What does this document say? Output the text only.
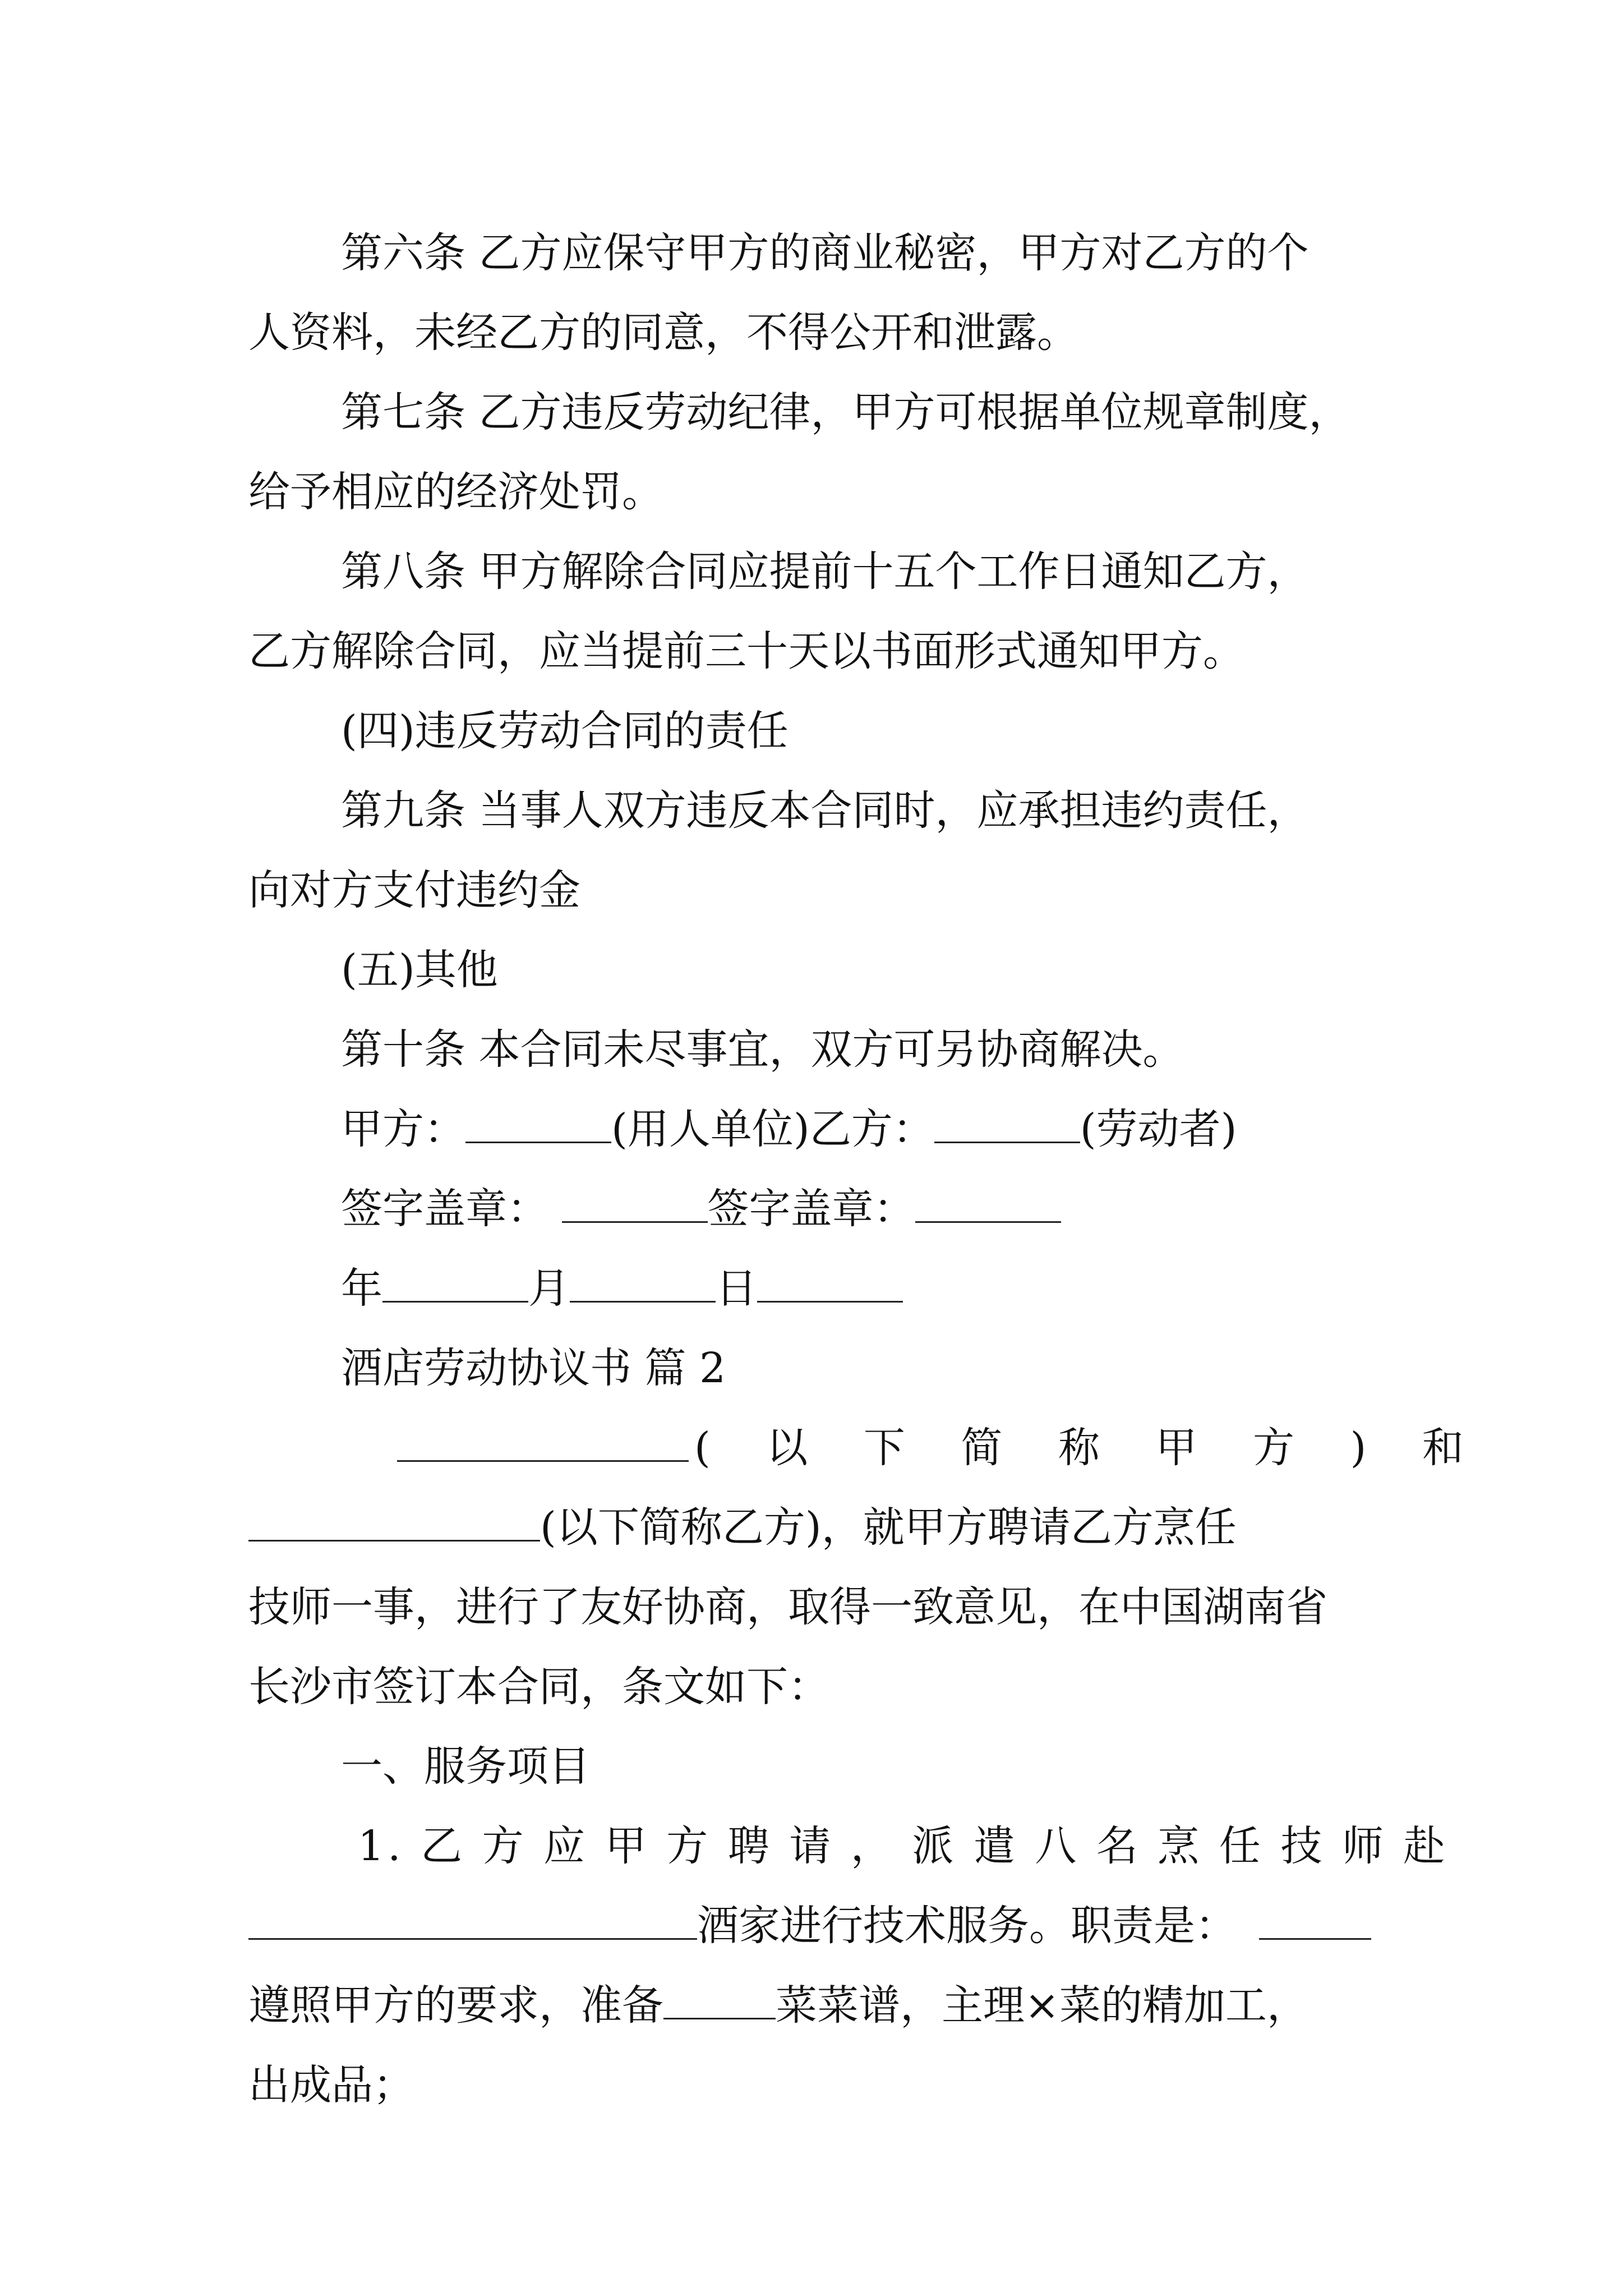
第六条 乙方应保守甲方的商业秘密，甲方对乙方的个
人资料，未经乙方的同意，不得公开和泄露。
第七条 乙方违反劳动纪律，甲方可根据单位规章制度，
给予相应的经济处罚。
第八条 甲方解除合同应提前十五个工作日通知乙方，
乙方解除合同，应当提前三十天以书面形式通知甲方。
(四)违反劳动合同的责任
第九条 当事人双方违反本合同时，应承担违约责任，
向对方支付违约金
(五)其他
第十条 本合同未尽事宜，双方可另协商解决。
甲方：	(用人单位)乙方：	(劳动者)
签字盖章：	签字盖章：
年	月	日
酒店劳动协议书 篇 2
( 以 下 简 称 甲 方 ) 和
(以下简称乙方)，就甲方聘请乙方烹任
技师一事，进行了友好协商，取得一致意见，在中国湖南省
长沙市签订本合同，条文如下：
一、服务项目
1. 乙 方 应 甲 方 聘 请 ， 派 遣 八 名 烹 任 技 师 赴
酒家进行技术服务。职责是：
遵照甲方的要求，准备	菜菜谱，主理×菜的精加工，
出成品；
